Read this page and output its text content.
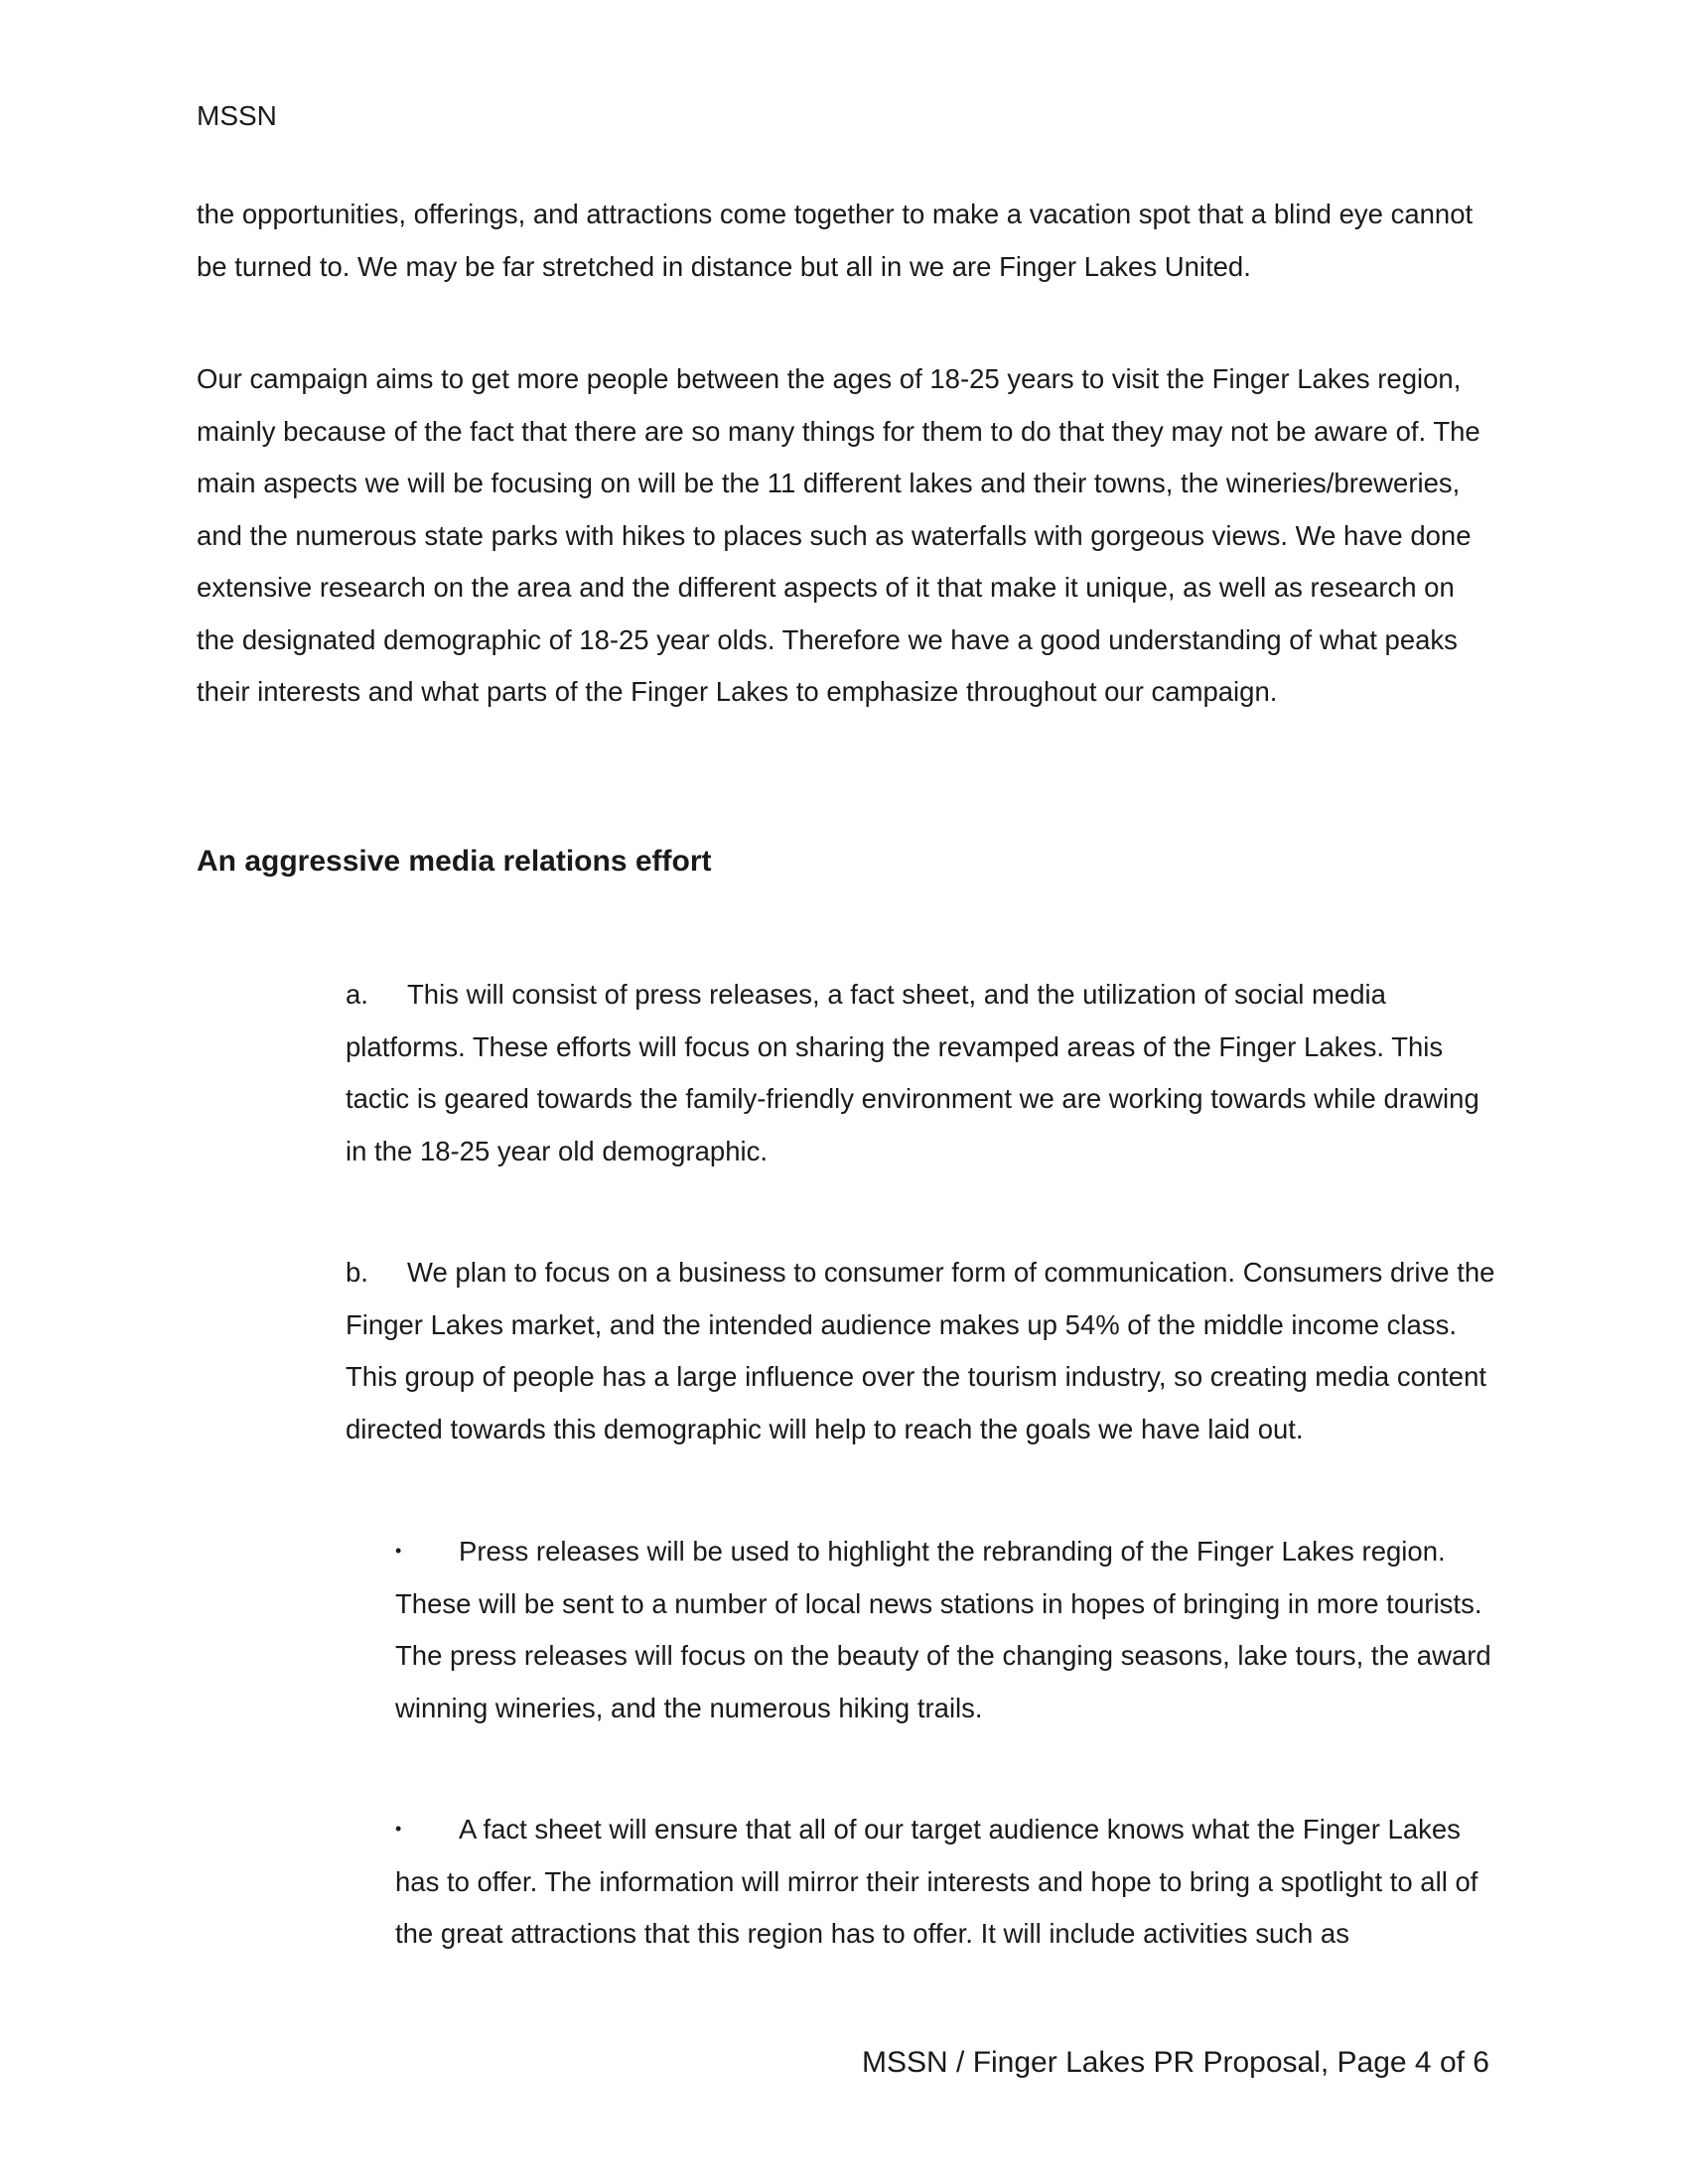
MSSN

the opportunities, offerings, and attractions come together to make a vacation spot that a blind eye cannot be turned to. We may be far stretched in distance but all in we are Finger Lakes United.

Our campaign aims to get more people between the ages of 18-25 years to visit the Finger Lakes region, mainly because of the fact that there are so many things for them to do that they may not be aware of. The main aspects we will be focusing on will be the 11 different lakes and their towns, the wineries/breweries, and the numerous state parks with hikes to places such as waterfalls with gorgeous views. We have done extensive research on the area and the different aspects of it that make it unique, as well as research on the designated demographic of 18-25 year olds. Therefore we have a good understanding of what peaks their interests and what parts of the Finger Lakes to emphasize throughout our campaign.

An aggressive media relations effort

a. This will consist of press releases, a fact sheet, and the utilization of social media platforms. These efforts will focus on sharing the revamped areas of the Finger Lakes. This tactic is geared towards the family-friendly environment we are working towards while drawing in the 18-25 year old demographic.

b. We plan to focus on a business to consumer form of communication. Consumers drive the Finger Lakes market, and the intended audience makes up 54% of the middle income class. This group of people has a large influence over the tourism industry, so creating media content directed towards this demographic will help to reach the goals we have laid out.

• Press releases will be used to highlight the rebranding of the Finger Lakes region. These will be sent to a number of local news stations in hopes of bringing in more tourists. The press releases will focus on the beauty of the changing seasons, lake tours, the award winning wineries, and the numerous hiking trails.

• A fact sheet will ensure that all of our target audience knows what the Finger Lakes has to offer. The information will mirror their interests and hope to bring a spotlight to all of the great attractions that this region has to offer. It will include activities such as

MSSN / Finger Lakes PR Proposal, Page 4 of 6
